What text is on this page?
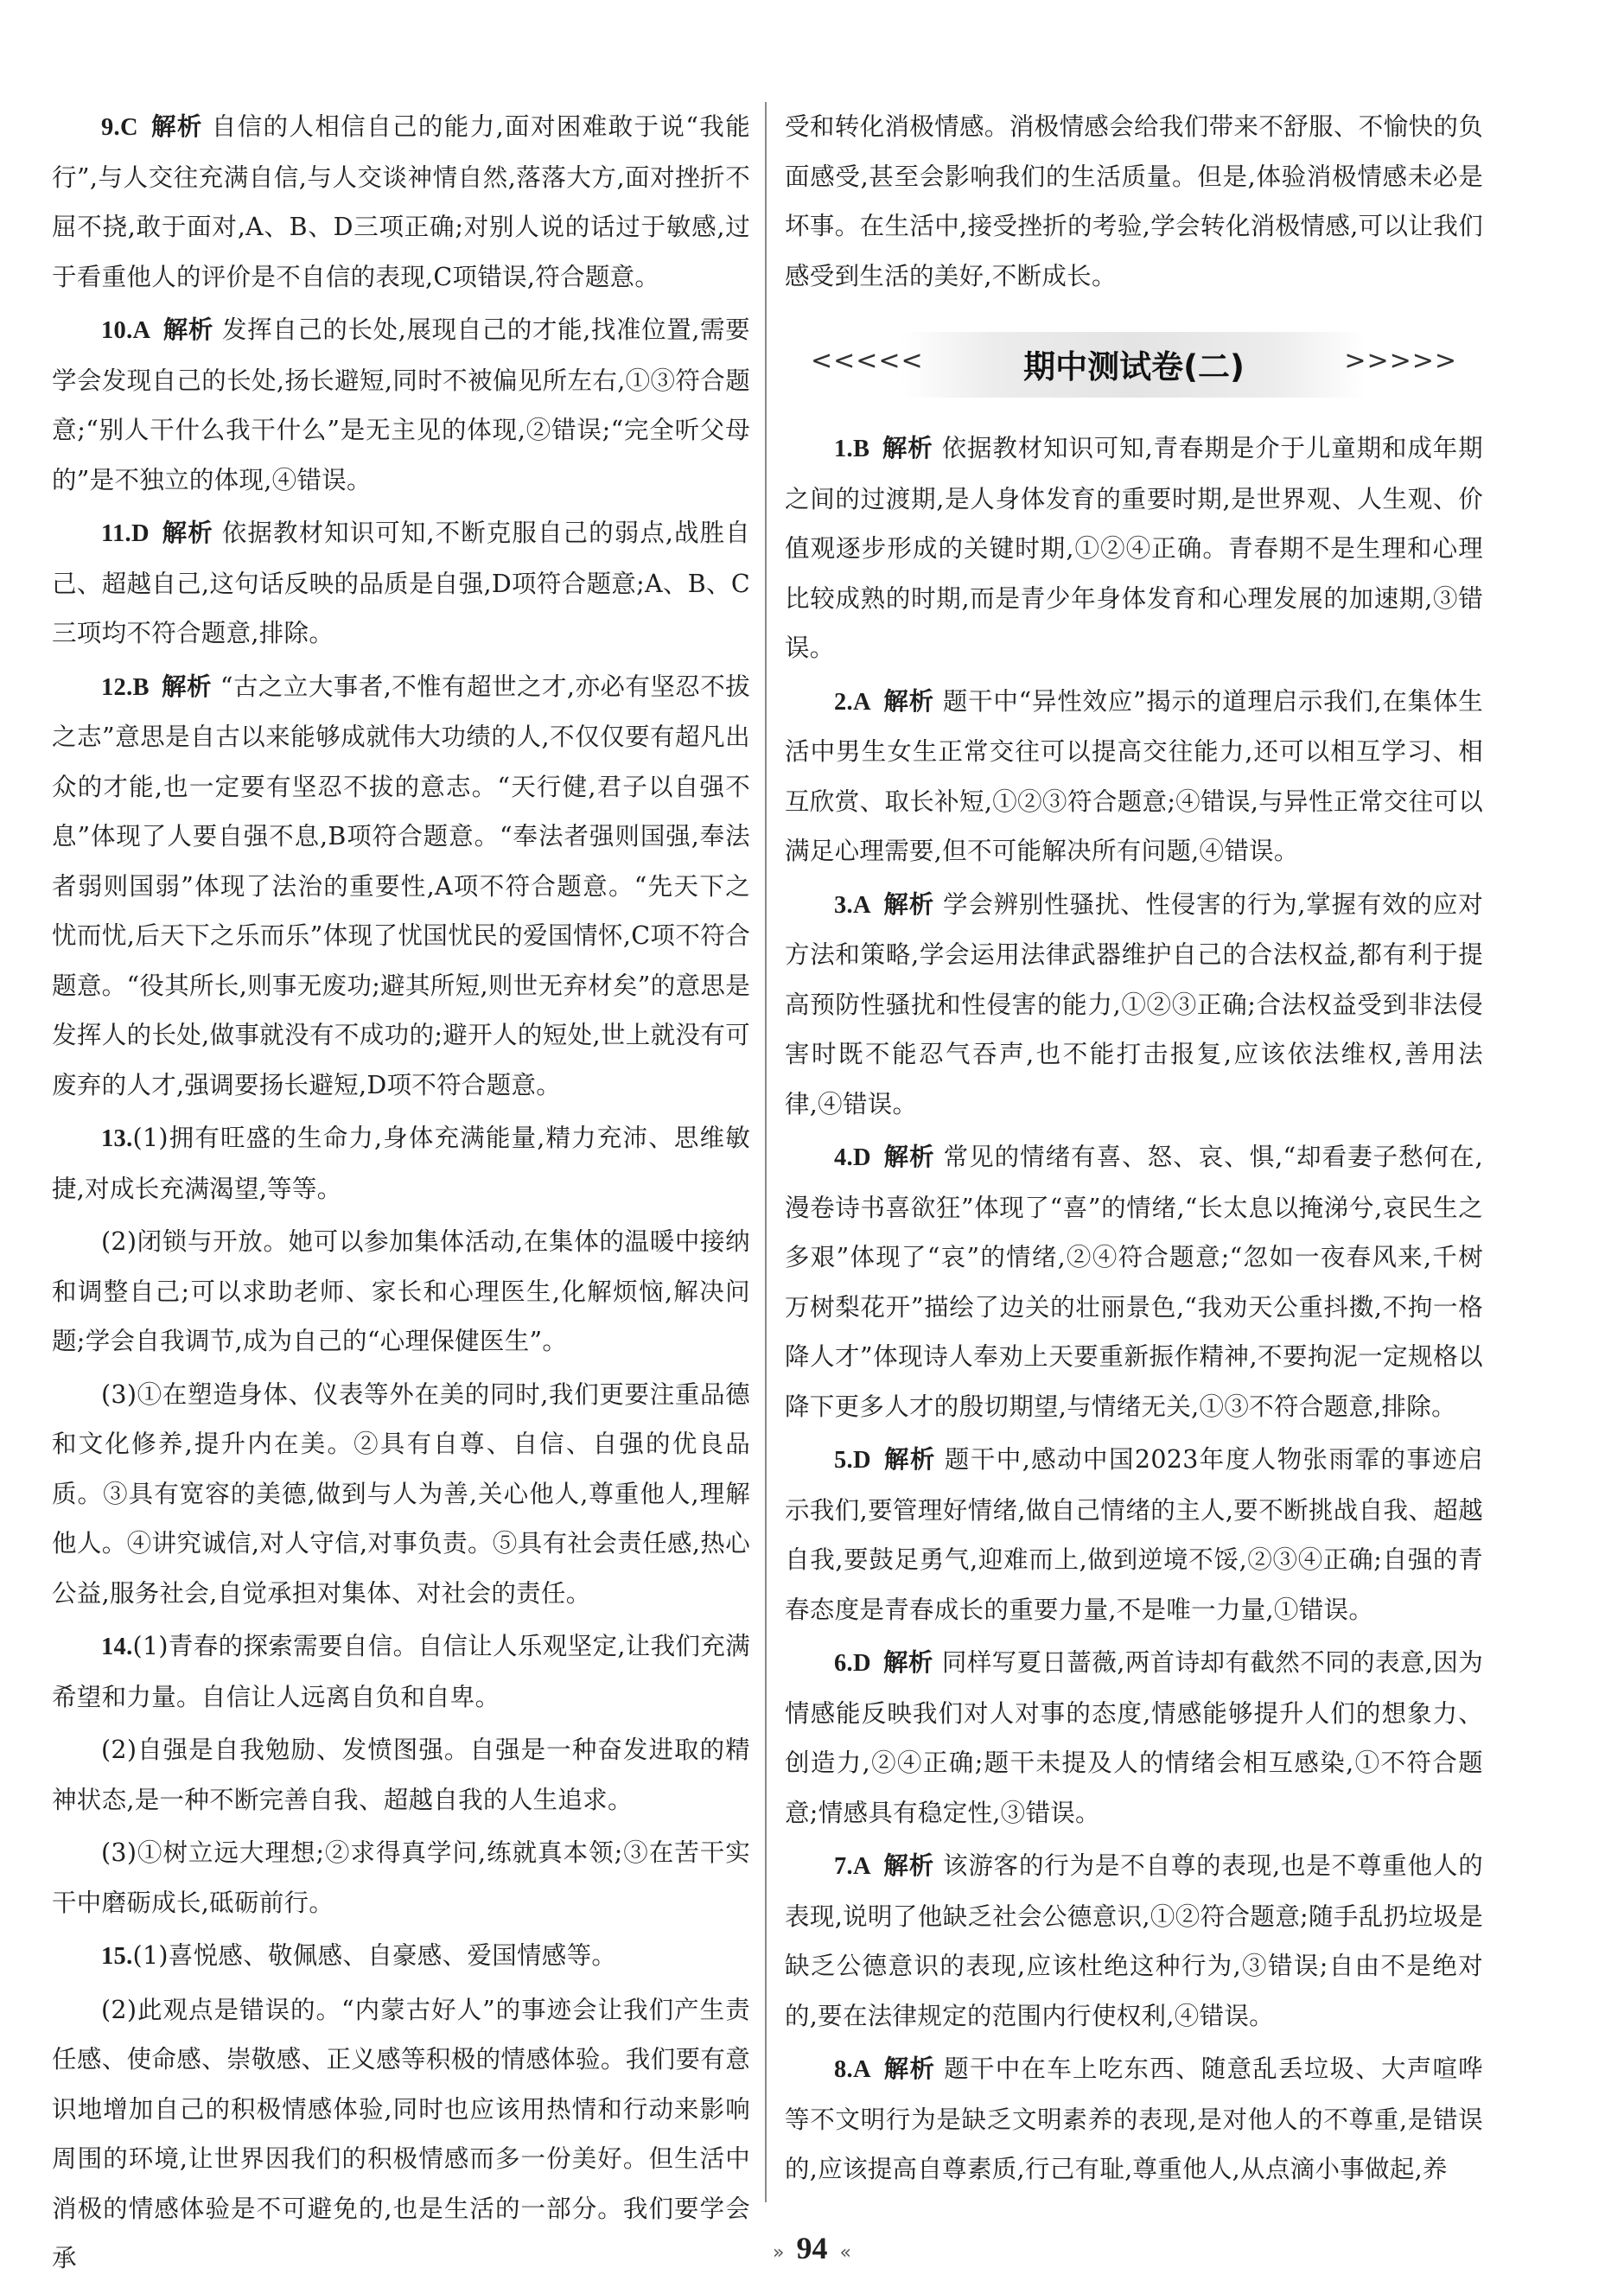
9.C 解析 自信的人相信自己的能力,面对困难敢于说“我能行”,与人交往充满自信,与人交谈神情自然,落落大方,面对挫折不屈不挠,敢于面对,A、B、D三项正确;对别人说的话过于敏感,过于看重他人的评价是不自信的表现,C项错误,符合题意。

10.A 解析 发挥自己的长处,展现自己的才能,找准位置,需要学会发现自己的长处,扬长避短,同时不被偏见所左右,①③符合题意;“别人干什么我干什么”是无主见的体现,②错误;“完全听父母的”是不独立的体现,④错误。

11.D 解析 依据教材知识可知,不断克服自己的弱点,战胜自己、超越自己,这句话反映的品质是自强,D项符合题意;A、B、C三项均不符合题意,排除。

12.B 解析 “古之立大事者,不惟有超世之才,亦必有坚忍不拔之志”意思是自古以来能够成就伟大功绩的人,不仅仅要有超凡出众的才能,也一定要有坚忍不拔的意志。“天行健,君子以自强不息”体现了人要自强不息,B项符合题意。“奉法者强则国强,奉法者弱则国弱”体现了法治的重要性,A项不符合题意。“先天下之忧而忧,后天下之乐而乐”体现了忧国忧民的爱国情怀,C项不符合题意。“役其所长,则事无废功;避其所短,则世无弃材矣”的意思是发挥人的长处,做事就没有不成功的;避开人的短处,世上就没有可废弃的人才,强调要扬长避短,D项不符合题意。

13.(1)拥有旺盛的生命力,身体充满能量,精力充沛、思维敏捷,对成长充满渴望,等等。

(2)闭锁与开放。她可以参加集体活动,在集体的温暖中接纳和调整自己;可以求助老师、家长和心理医生,化解烦恼,解决问题;学会自我调节,成为自己的“心理保健医生”。

(3)①在塑造身体、仪表等外在美的同时,我们更要注重品德和文化修养,提升内在美。②具有自尊、自信、自强的优良品质。③具有宽容的美德,做到与人为善,关心他人,尊重他人,理解他人。④讲究诚信,对人守信,对事负责。⑤具有社会责任感,热心公益,服务社会,自觉承担对集体、对社会的责任。

14.(1)青春的探索需要自信。自信让人乐观坚定,让我们充满希望和力量。自信让人远离自负和自卑。

(2)自强是自我勉励、发愤图强。自强是一种奋发进取的精神状态,是一种不断完善自我、超越自我的人生追求。

(3)①树立远大理想;②求得真学问,练就真本领;③在苦干实干中磨砺成长,砥砺前行。

15.(1)喜悦感、敬佩感、自豪感、爱国情感等。

(2)此观点是错误的。“内蒙古好人”的事迹会让我们产生责任感、使命感、崇敬感、正义感等积极的情感体验。我们要有意识地增加自己的积极情感体验,同时也应该用热情和行动来影响周围的环境,让世界因我们的积极情感而多一份美好。但生活中消极的情感体验是不可避免的,也是生活的一部分。我们要学会承

受和转化消极情感。消极情感会给我们带来不舒服、不愉快的负面感受,甚至会影响我们的生活质量。但是,体验消极情感未必是坏事。在生活中,接受挫折的考验,学会转化消极情感,可以让我们感受到生活的美好,不断成长。

<<<<<	>>>>>
期中测试卷(二)

1.B 解析 依据教材知识可知,青春期是介于儿童期和成年期之间的过渡期,是人身体发育的重要时期,是世界观、人生观、价值观逐步形成的关键时期,①②④正确。青春期不是生理和心理比较成熟的时期,而是青少年身体发育和心理发展的加速期,③错误。

2.A 解析 题干中“异性效应”揭示的道理启示我们,在集体生活中男生女生正常交往可以提高交往能力,还可以相互学习、相互欣赏、取长补短,①②③符合题意;④错误,与异性正常交往可以满足心理需要,但不可能解决所有问题,④错误。

3.A 解析 学会辨别性骚扰、性侵害的行为,掌握有效的应对方法和策略,学会运用法律武器维护自己的合法权益,都有利于提高预防性骚扰和性侵害的能力,①②③正确;合法权益受到非法侵害时既不能忍气吞声,也不能打击报复,应该依法维权,善用法律,④错误。

4.D 解析 常见的情绪有喜、怒、哀、惧,“却看妻子愁何在,漫卷诗书喜欲狂”体现了“喜”的情绪,“长太息以掩涕兮,哀民生之多艰”体现了“哀”的情绪,②④符合题意;“忽如一夜春风来,千树万树梨花开”描绘了边关的壮丽景色,“我劝天公重抖擞,不拘一格降人才”体现诗人奉劝上天要重新振作精神,不要拘泥一定规格以降下更多人才的殷切期望,与情绪无关,①③不符合题意,排除。

5.D 解析 题干中,感动中国2023年度人物张雨霏的事迹启示我们,要管理好情绪,做自己情绪的主人,要不断挑战自我、超越自我,要鼓足勇气,迎难而上,做到逆境不馁,②③④正确;自强的青春态度是青春成长的重要力量,不是唯一力量,①错误。

6.D 解析 同样写夏日蔷薇,两首诗却有截然不同的表意,因为情感能反映我们对人对事的态度,情感能够提升人们的想象力、创造力,②④正确;题干未提及人的情绪会相互感染,①不符合题意;情感具有稳定性,③错误。

7.A 解析 该游客的行为是不自尊的表现,也是不尊重他人的表现,说明了他缺乏社会公德意识,①②符合题意;随手乱扔垃圾是缺乏公德意识的表现,应该杜绝这种行为,③错误;自由不是绝对的,要在法律规定的范围内行使权利,④错误。

8.A 解析 题干中在车上吃东西、随意乱丢垃圾、大声喧哗等不文明行为是缺乏文明素养的表现,是对他人的不尊重,是错误的,应该提高自尊素质,行己有耻,尊重他人,从点滴小事做起,养

» 94 «
